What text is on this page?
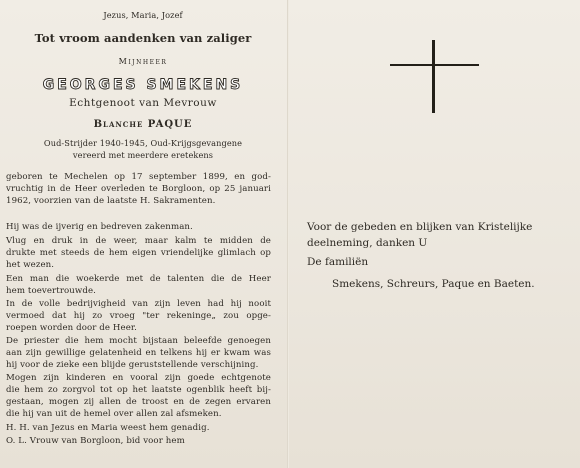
Jezus, Maria, Jozef
Tot vroom aandenken van zaliger
Mijnheer
GEORGES SMEKENS
Echtgenoot van Mevrouw
Blanche PAQUE
Oud-Strijder 1940-1945, Oud-Krijgsgevangene
vereerd met meerdere eretekens
geboren te Mechelen op 17 september 1899, en god-
vruchtig in de Heer overleden te Borgloon, op 25 januari
1962, voorzien van de laatste H. Sakramenten.
Hij was de ijverig en bedreven zakenman.
Vlug en druk in de weer, maar kalm te midden de
drukte met steeds de hem eigen vriendelijke glimlach op
het wezen.
Een man die woekerde met de talenten die de Heer
hem toevertrouwde.
In de volle bedrijvigheid van zijn leven had hij nooit
vermoed dat hij zo vroeg "ter rekeninge„ zou opge-
roepen worden door de Heer.
De priester die hem mocht bijstaan beleefde genoegen
aan zijn gewillige gelatenheid en telkens hij er kwam was
hij voor de zieke een blijde geruststellende verschijning.
Mogen zijn kinderen en vooral zijn goede echtgenote
die hem zo zorgvol tot op het laatste ogenblik heeft bij-
gestaan, mogen zij allen de troost en de zegen ervaren
die hij van uit de hemel over allen zal afsmeken.
H. H. van Jezus en Maria weest hem genadig.
O. L. Vrouw van Borgloon, bid voor hem
Voor de gebeden en blijken van Kristelijke
deelneming, danken U
De familiën
Smekens, Schreurs, Paque en Baeten.
